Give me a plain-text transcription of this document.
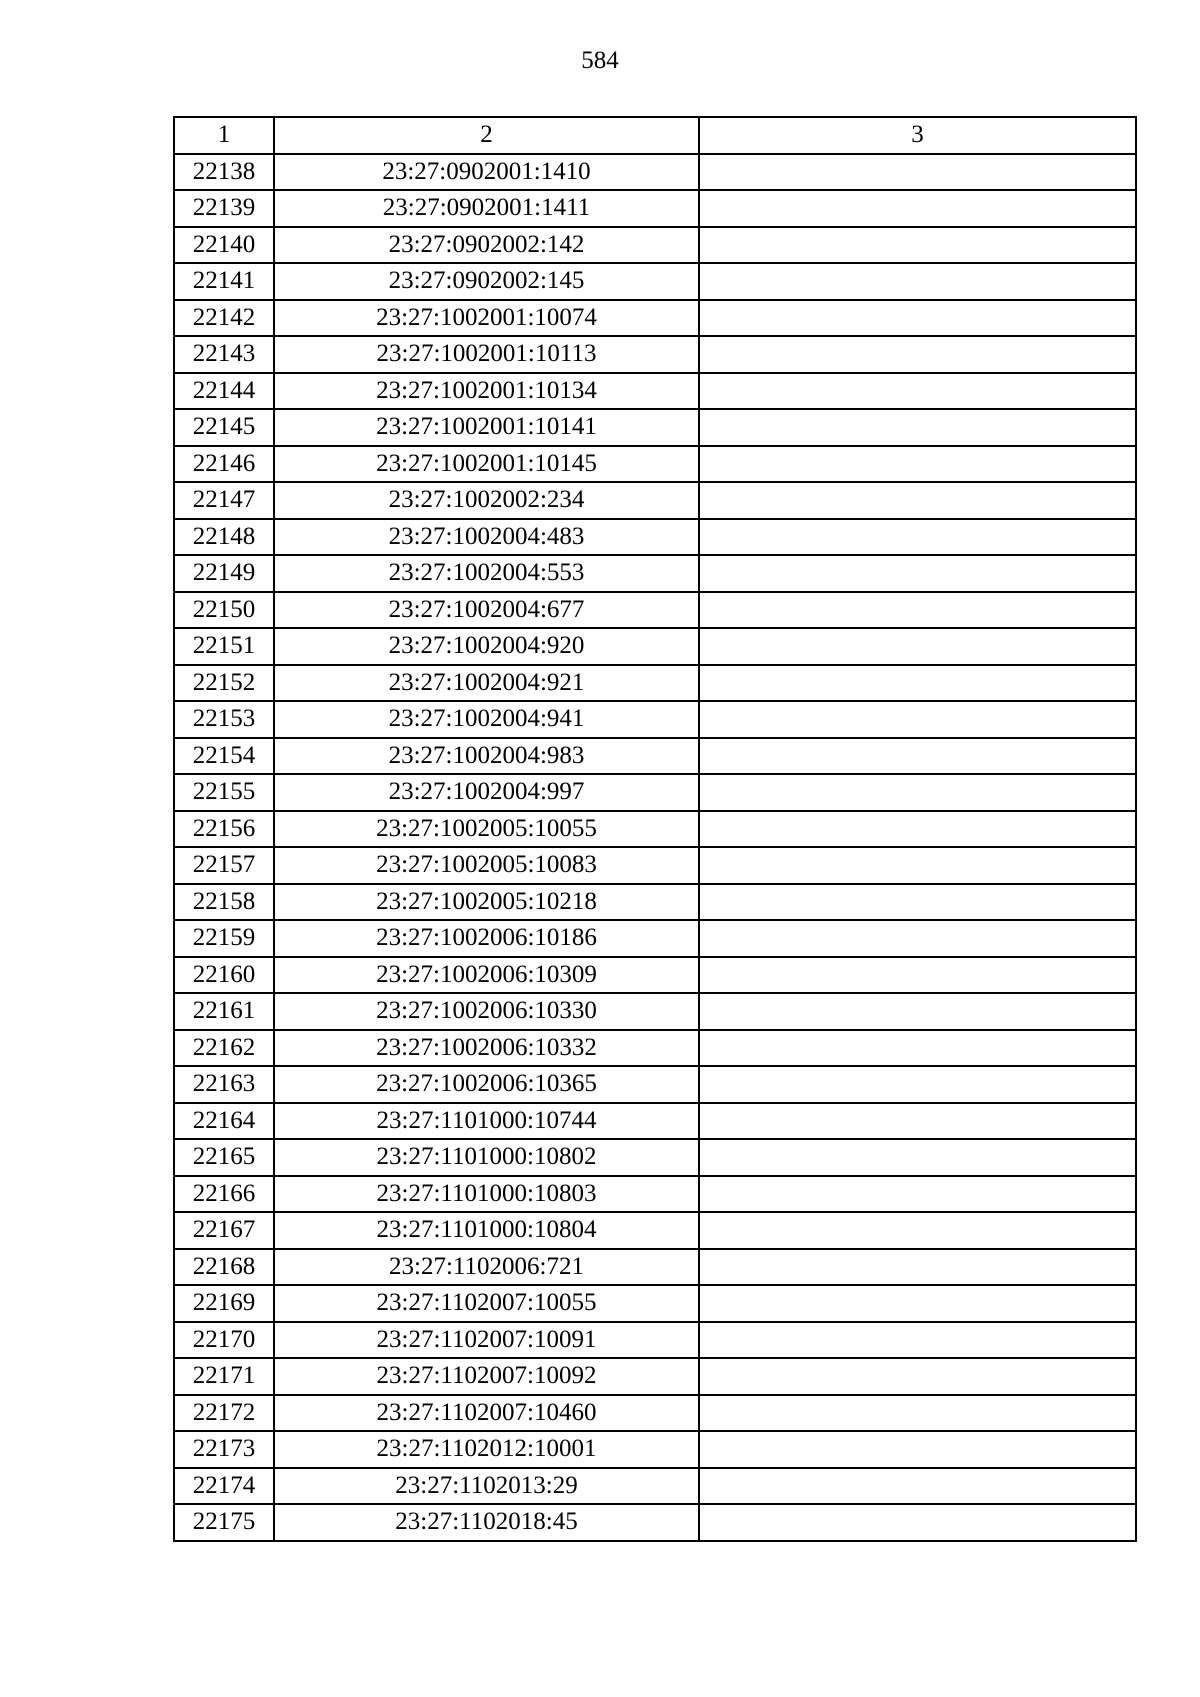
584
1	2	3
22138	23:27:0902001:1410	
22139	23:27:0902001:1411	
22140	23:27:0902002:142	
22141	23:27:0902002:145	
22142	23:27:1002001:10074	
22143	23:27:1002001:10113	
22144	23:27:1002001:10134	
22145	23:27:1002001:10141	
22146	23:27:1002001:10145	
22147	23:27:1002002:234	
22148	23:27:1002004:483	
22149	23:27:1002004:553	
22150	23:27:1002004:677	
22151	23:27:1002004:920	
22152	23:27:1002004:921	
22153	23:27:1002004:941	
22154	23:27:1002004:983	
22155	23:27:1002004:997	
22156	23:27:1002005:10055	
22157	23:27:1002005:10083	
22158	23:27:1002005:10218	
22159	23:27:1002006:10186	
22160	23:27:1002006:10309	
22161	23:27:1002006:10330	
22162	23:27:1002006:10332	
22163	23:27:1002006:10365	
22164	23:27:1101000:10744	
22165	23:27:1101000:10802	
22166	23:27:1101000:10803	
22167	23:27:1101000:10804	
22168	23:27:1102006:721	
22169	23:27:1102007:10055	
22170	23:27:1102007:10091	
22171	23:27:1102007:10092	
22172	23:27:1102007:10460	
22173	23:27:1102012:10001	
22174	23:27:1102013:29	
22175	23:27:1102018:45	
